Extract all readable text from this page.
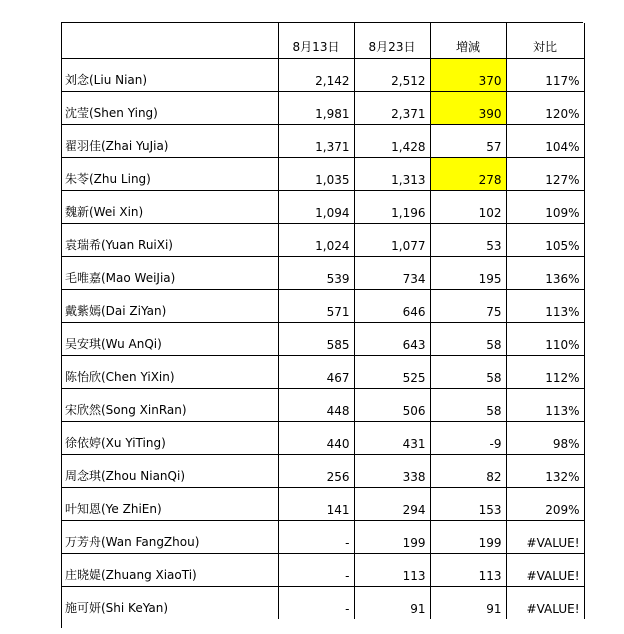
	8月13日	8月23日	増減	対比
刘念(Liu Nian)	2,142	2,512	370	117%
沈莹(Shen Ying)	1,981	2,371	390	120%
翟羽佳(Zhai YuJia)	1,371	1,428	57	104%
朱苓(Zhu Ling)	1,035	1,313	278	127%
魏新(Wei Xin)	1,094	1,196	102	109%
袁瑞希(Yuan RuiXi)	1,024	1,077	53	105%
毛唯嘉(Mao WeiJia)	539	734	195	136%
戴紫嫣(Dai ZiYan)	571	646	75	113%
吴安琪(Wu AnQi)	585	643	58	110%
陈怡欣(Chen YiXin)	467	525	58	112%
宋欣然(Song XinRan)	448	506	58	113%
徐依婷(Xu YiTing)	440	431	-9	98%
周念琪(Zhou NianQi)	256	338	82	132%
叶知恩(Ye ZhiEn)	141	294	153	209%
万芳舟(Wan FangZhou)	-	199	199	#VALUE!
庄晓媞(Zhuang XiaoTi)	-	113	113	#VALUE!
施可妍(Shi KeYan)	-	91	91	#VALUE!
